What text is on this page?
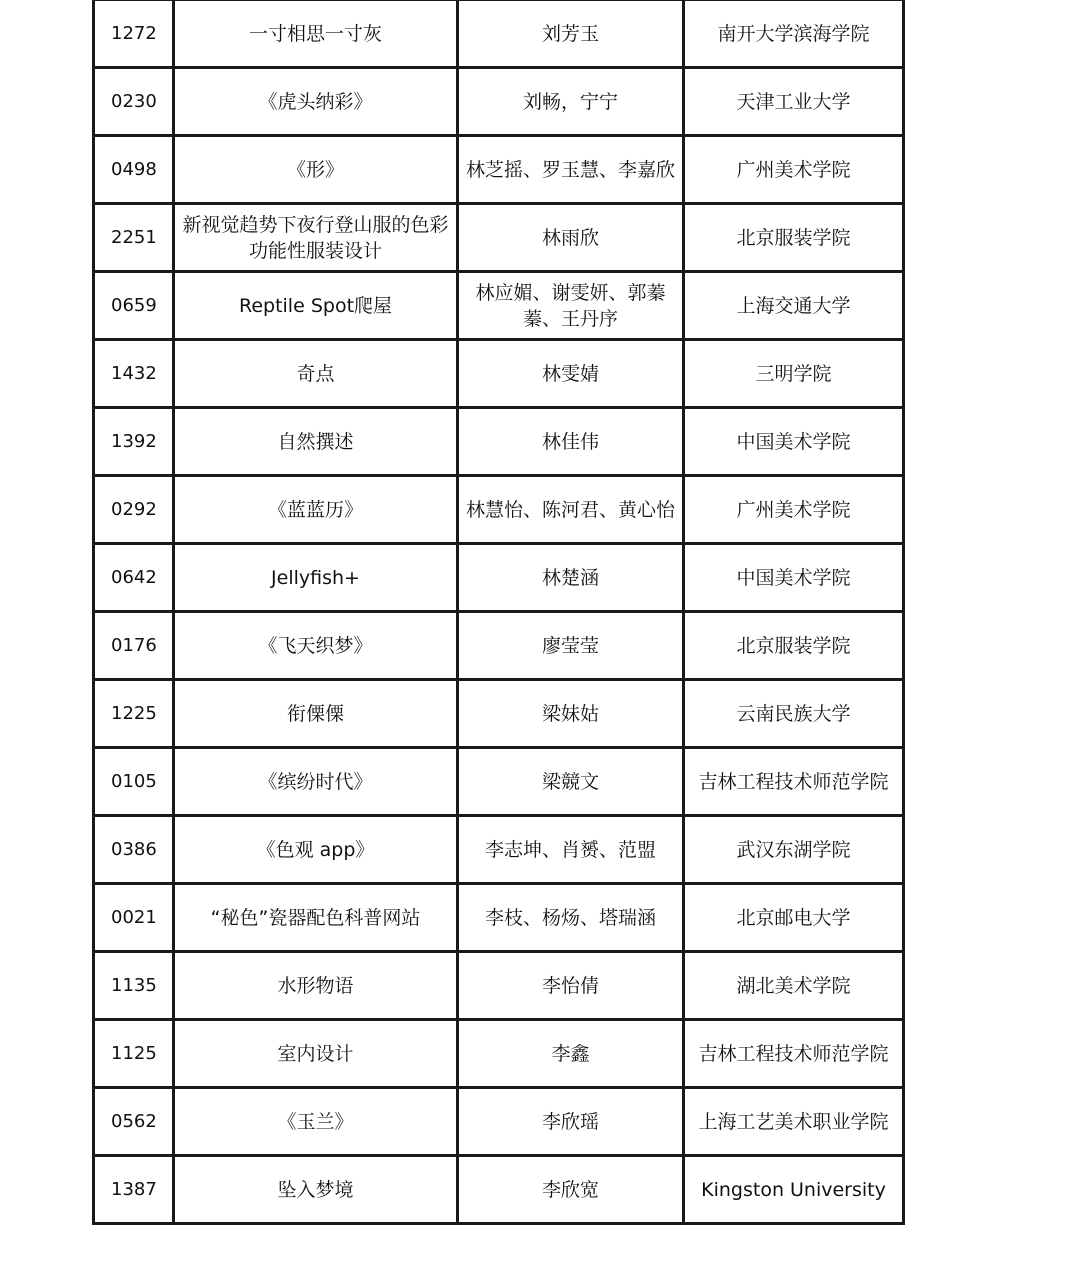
1272	一寸相思一寸灰	刘芳玉	南开大学滨海学院
0230	《虎头纳彩》	刘畅，宁宁	天津工业大学
0498	《形》	林芝摇、罗玉慧、李嘉欣	广州美术学院
2251	新视觉趋势下夜行登山服的色彩功能性服装设计	林雨欣	北京服装学院
0659	Reptile Spot爬屋	林应媚、谢雯妍、郭蓁蓁、王丹序	上海交通大学
1432	奇点	林雯婧	三明学院
1392	自然撰述	林佳伟	中国美术学院
0292	《蓝蓝历》	林慧怡、陈河君、黄心怡	广州美术学院
0642	Jellyfish+	林楚涵	中国美术学院
0176	《飞天织梦》	廖莹莹	北京服装学院
1225	衔傈傈	梁妹姑	云南民族大学
0105	《缤纷时代》	梁競文	吉林工程技术师范学院
0386	《色观 app》	李志坤、肖赟、范盟	武汉东湖学院
0021	“秘色”瓷器配色科普网站	李枝、杨炀、塔瑞涵	北京邮电大学
1135	水形物语	李怡倩	湖北美术学院
1125	室内设计	李鑫	吉林工程技术师范学院
0562	《玉兰》	李欣瑶	上海工艺美术职业学院
1387	坠入梦境	李欣宽	Kingston University
